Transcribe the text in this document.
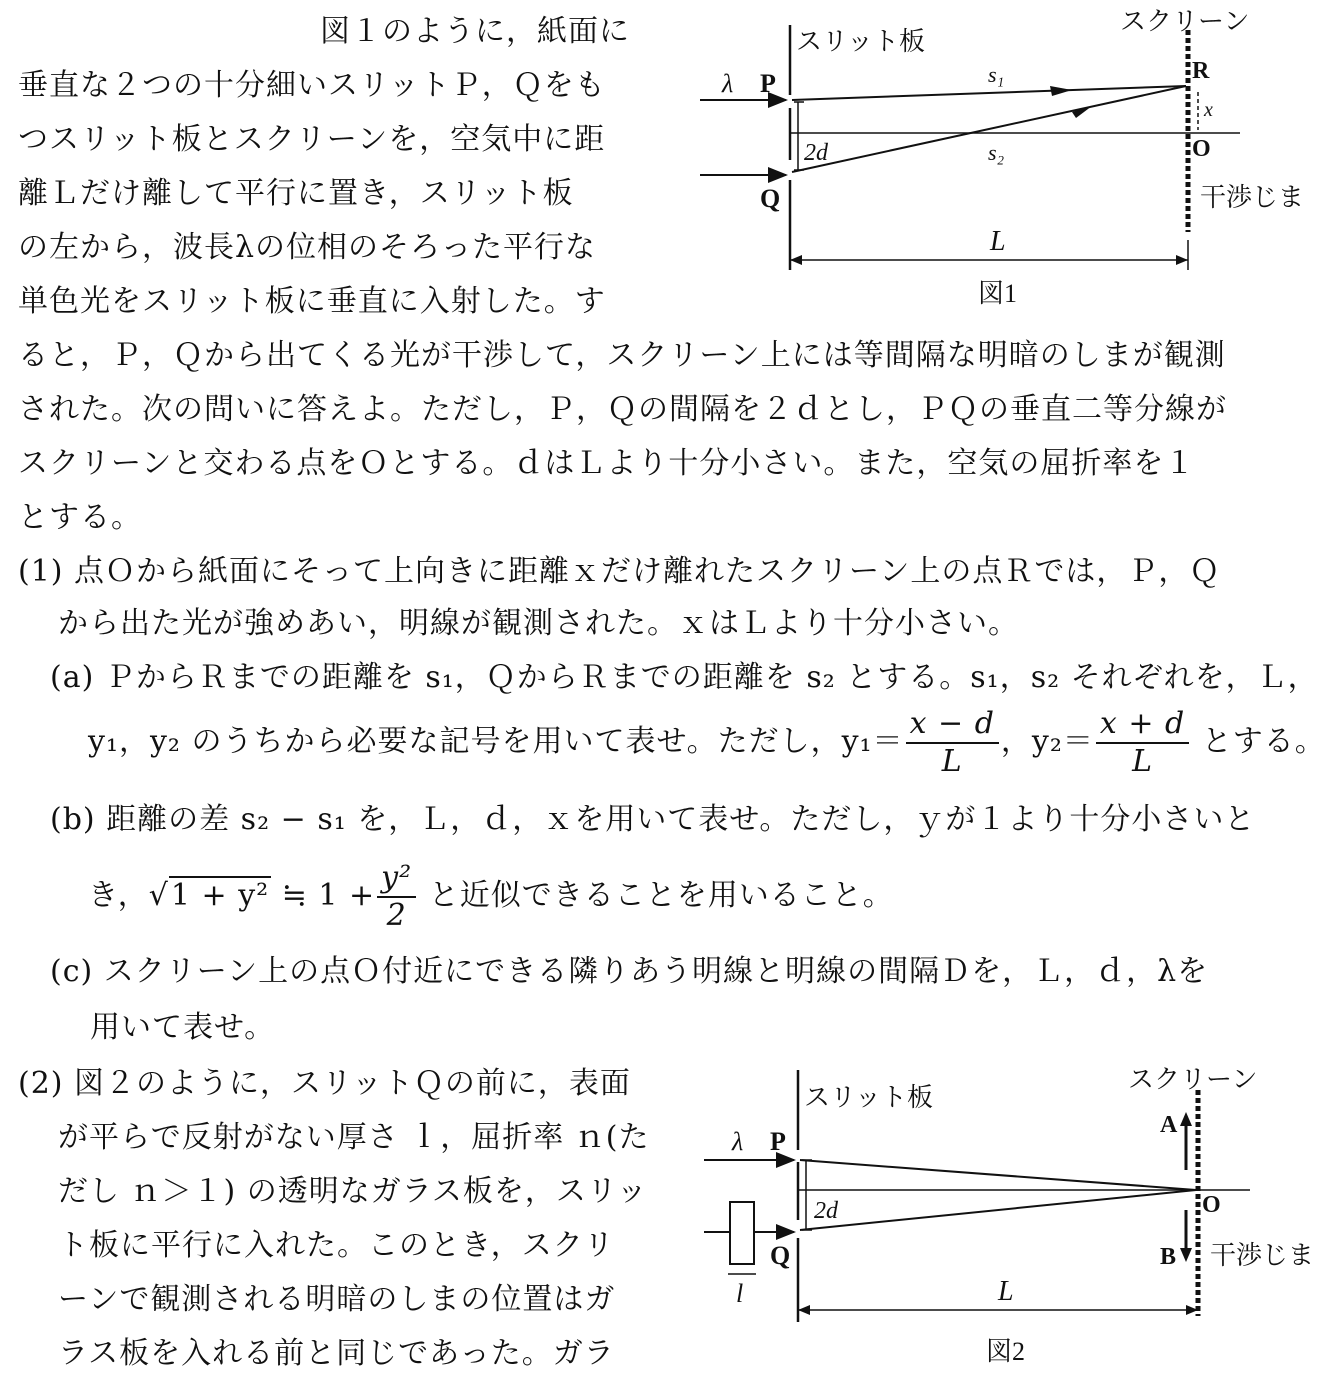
図１のように，紙面に
垂直な２つの十分細いスリットＰ，Ｑをも
つスリット板とスクリーンを，空気中に距
離Ｌだけ離して平行に置き，スリット板
の左から，波長λの位相のそろった平行な
単色光をスリット板に垂直に入射した。す
ると，Ｐ，Ｑから出てくる光が干渉して，スクリーン上には等間隔な明暗のしまが観測
された。次の問いに答えよ。ただし，Ｐ，Ｑの間隔を２ｄとし，ＰＱの垂直二等分線が
スクリーンと交わる点をＯとする。ｄはＬより十分小さい。また，空気の屈折率を１
とする。
(1) 点Ｏから紙面にそって上向きに距離ｘだけ離れたスクリーン上の点Ｒでは，Ｐ，Ｑ
から出た光が強めあい，明線が観測された。ｘはＬより十分小さい。
(a) ＰからＲまでの距離を s₁，ＱからＲまでの距離を s₂ とする。s₁，s₂ それぞれを，Ｌ，
y₁，y₂ のうちから必要な記号を用いて表せ。ただし，$y_1= \frac{x - d}{L}$ ，$y_2= \frac{x + d}{L}$ とする。
(b) 距離の差 s₂ − s₁ を，Ｌ，ｄ，ｘを用いて表せ。ただし，ｙが１より十分小さいと
き，√1 + y² ≒ $1 + \frac{\text{y²}}{2}$ と近似できることを用いること。
(c) スクリーン上の点Ｏ付近にできる隣りあう明線と明線の間隔Ｄを，Ｌ，ｄ，λを
用いて表せ。
(2) 図２のように，スリットＱの前に，表面
が平らで反射がない厚さ ｌ，屈折率 ｎ(た
だし ｎ＞１) の透明なガラス板を，スリッ
ト板に平行に入れた。このとき，スクリ
ーンで観測される明暗のしまの位置はガ
ラス板を入れる前と同じであった。ガラ
スリット板
スクリーン
λ P
Q
2d
s₁
s₂
R
x
O
干渉じま
L
図1
スリット板
スクリーン
λ P
Q
l
2d
A
B
O
干渉じま
L
図2
